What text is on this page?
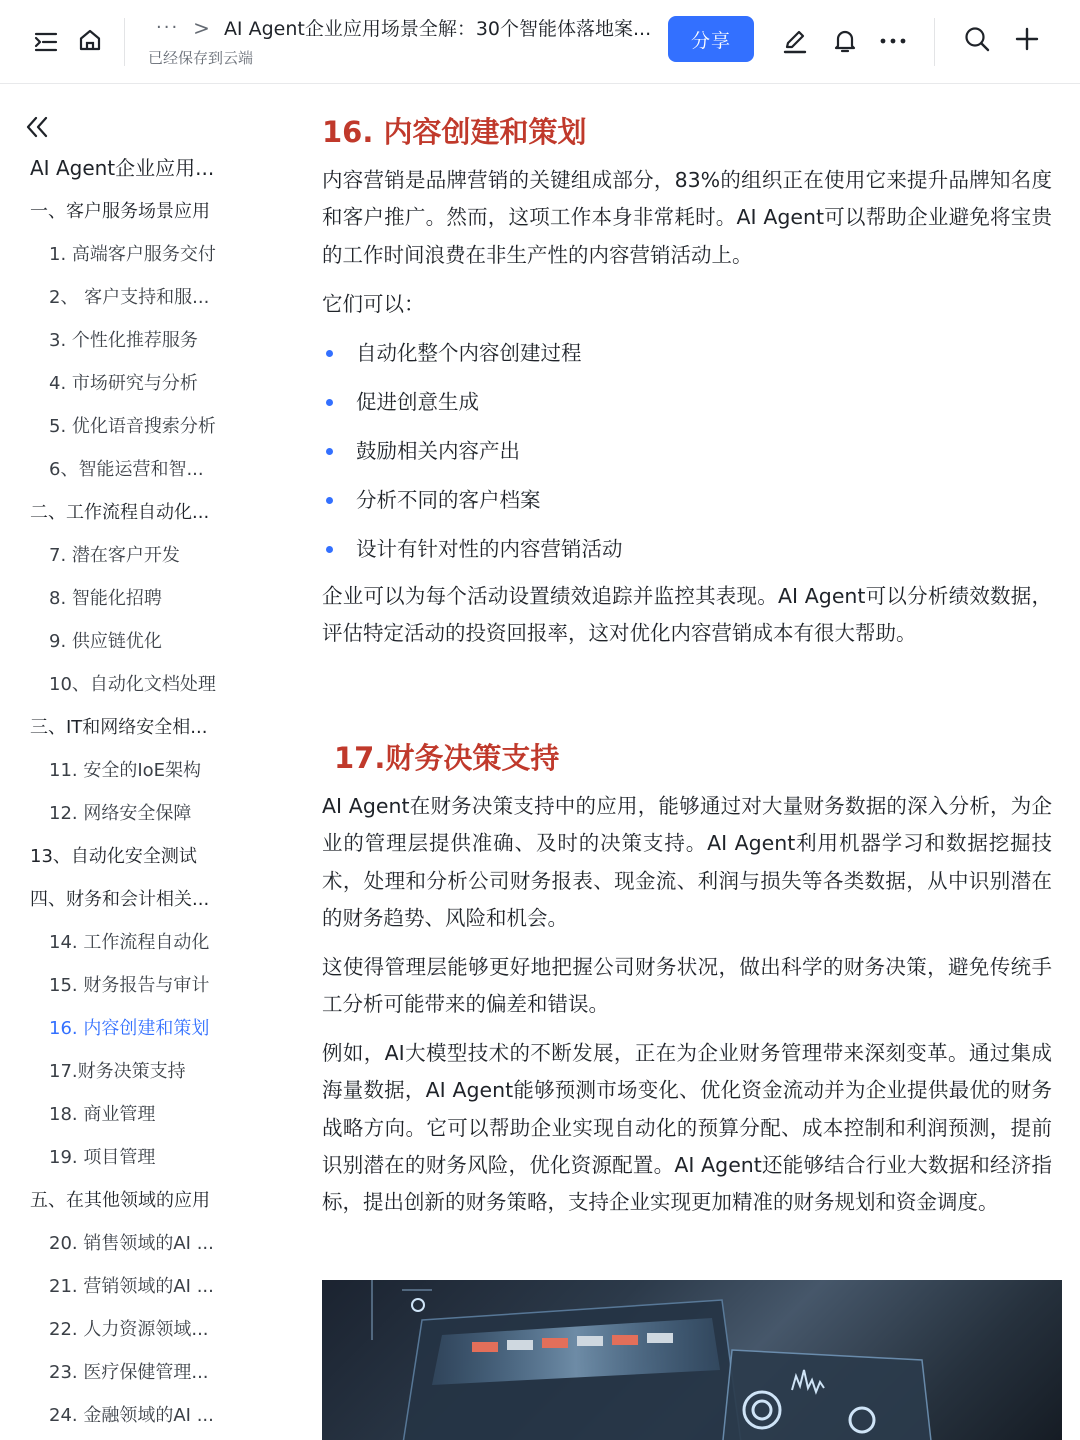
··· > AI Agent企业应用场景全解：30个智能体落地案...
已经保存到云端
分享
AI Agent企业应用...
一、客户服务场景应用
1. 高端客户服务交付
2、 客户支持和服...
3. 个性化推荐服务
4. 市场研究与分析
5. 优化语音搜索分析
6、智能运营和智...
二、工作流程自动化...
7. 潜在客户开发
8. 智能化招聘
9. 供应链优化
10、自动化文档处理
三、IT和网络安全相...
11. 安全的IoE架构
12. 网络安全保障
13、自动化安全测试
四、财务和会计相关...
14. 工作流程自动化
15. 财务报告与审计
16. 内容创建和策划
17.财务决策支持
18. 商业管理
19. 项目管理
五、在其他领域的应用
20. 销售领域的AI ...
21. 营销领域的AI ...
22. 人力资源领域...
23. 医疗保健管理...
24. 金融领域的AI ...
16. 内容创建和策划
内容营销是品牌营销的关键组成部分，83%的组织正在使用它来提升品牌知名度和客户推广。然而，这项工作本身非常耗时。AI Agent可以帮助企业避免将宝贵的工作时间浪费在非生产性的内容营销活动上。
它们可以：
自动化整个内容创建过程
促进创意生成
鼓励相关内容产出
分析不同的客户档案
设计有针对性的内容营销活动
企业可以为每个活动设置绩效追踪并监控其表现。AI Agent可以分析绩效数据，评估特定活动的投资回报率，这对优化内容营销成本有很大帮助。
17.财务决策支持
AI Agent在财务决策支持中的应用，能够通过对大量财务数据的深入分析，为企业的管理层提供准确、及时的决策支持。AI Agent利用机器学习和数据挖掘技术，处理和分析公司财务报表、现金流、利润与损失等各类数据，从中识别潜在的财务趋势、风险和机会。
这使得管理层能够更好地把握公司财务状况，做出科学的财务决策，避免传统手工分析可能带来的偏差和错误。
例如，AI大模型技术的不断发展，正在为企业财务管理带来深刻变革。通过集成海量数据，AI Agent能够预测市场变化、优化资金流动并为企业提供最优的财务战略方向。它可以帮助企业实现自动化的预算分配、成本控制和利润预测，提前识别潜在的财务风险，优化资源配置。AI Agent还能够结合行业大数据和经济指标，提出创新的财务策略，支持企业实现更加精准的财务规划和资金调度。
